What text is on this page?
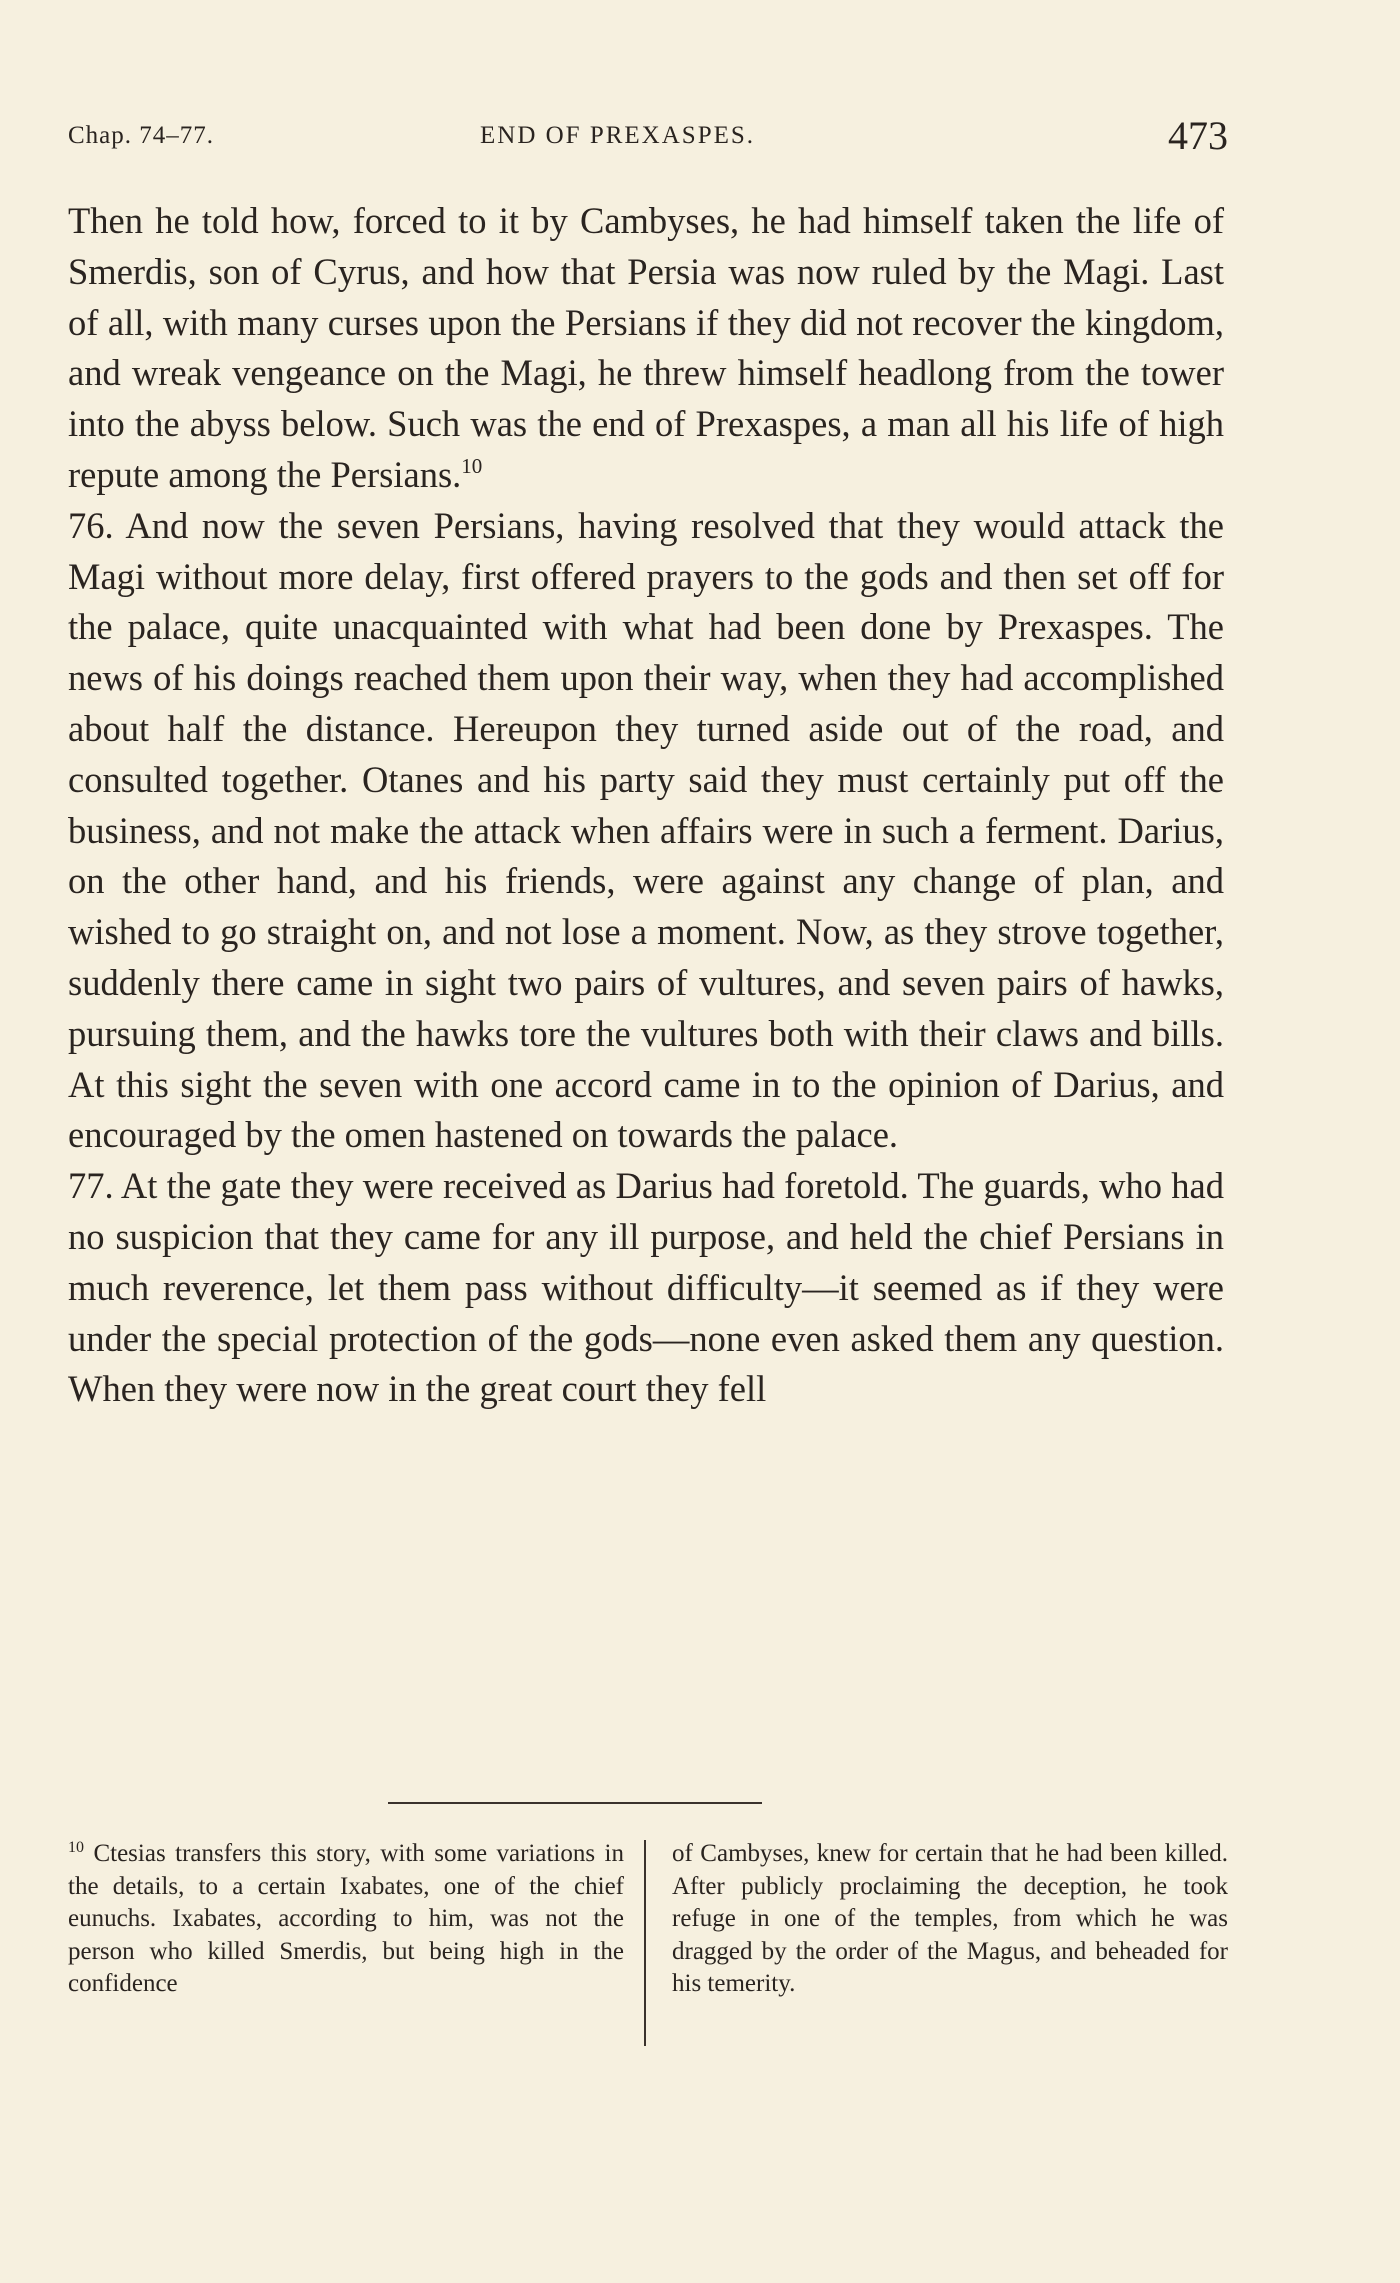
Chap. 74–77.	END OF PREXASPES.	473

Then he told how, forced to it by Cambyses, he had himself taken the life of Smerdis, son of Cyrus, and how that Persia was now ruled by the Magi. Last of all, with many curses upon the Persians if they did not recover the kingdom, and wreak vengeance on the Magi, he threw himself headlong from the tower into the abyss below. Such was the end of Prexaspes, a man all his life of high repute among the Persians.$^{10}$

76. And now the seven Persians, having resolved that they would attack the Magi without more delay, first offered prayers to the gods and then set off for the palace, quite unacquainted with what had been done by Prexaspes. The news of his doings reached them upon their way, when they had accomplished about half the distance. Hereupon they turned aside out of the road, and consulted together. Otanes and his party said they must certainly put off the business, and not make the attack when affairs were in such a ferment. Darius, on the other hand, and his friends, were against any change of plan, and wished to go straight on, and not lose a moment. Now, as they strove together, suddenly there came in sight two pairs of vultures, and seven pairs of hawks, pursuing them, and the hawks tore the vultures both with their claws and bills. At this sight the seven with one accord came in to the opinion of Darius, and encouraged by the omen hastened on towards the palace.

77. At the gate they were received as Darius had foretold. The guards, who had no suspicion that they came for any ill purpose, and held the chief Persians in much reverence, let them pass without difficulty—it seemed as if they were under the special protection of the gods—none even asked them any question. When they were now in the great court they fell

$^{10}$ Ctesias transfers this story, with some variations in the details, to a certain Ixabates, one of the chief eunuchs. Ixabates, according to him, was not the person who killed Smerdis, but being high in the confidence
of Cambyses, knew for certain that he had been killed. After publicly proclaiming the deception, he took refuge in one of the temples, from which he was dragged by the order of the Magus, and beheaded for his temerity.
